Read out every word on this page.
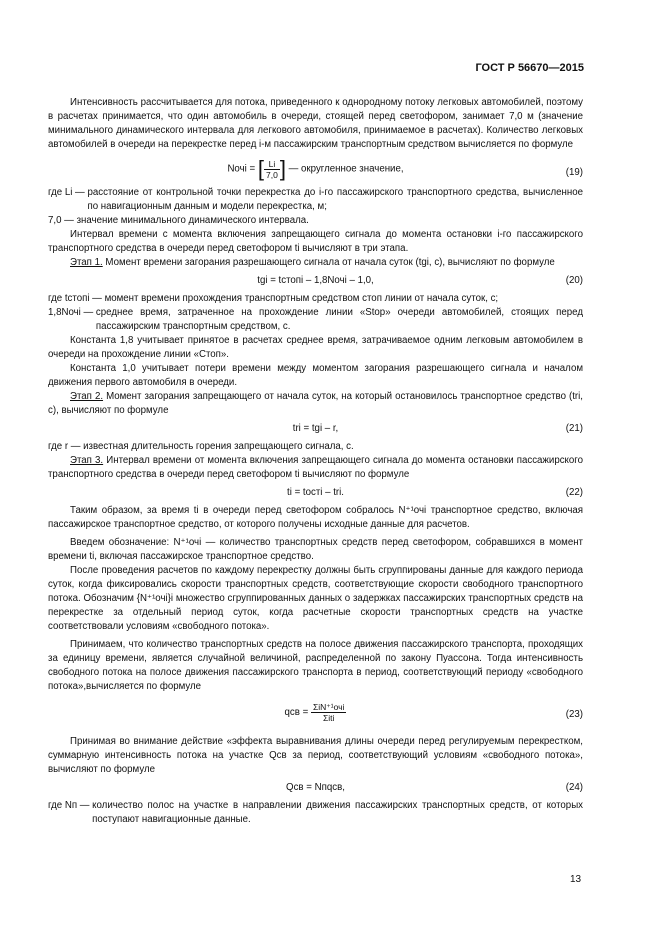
ГОСТ Р 56670—2015

Интенсивность рассчитывается для потока, приведенного к однородному потоку легковых автомобилей, поэтому в расчетах принимается, что один автомобиль в очереди, стоящей перед светофором, занимает 7,0 м (значение минимального динамического интервала для легкового автомобиля, принимаемое в расчетах). Количество легковых автомобилей в очереди на перекрестке перед i-м пассажирским транспортным средством вычисляется по формуле

Nочi = [ $\frac{Li}{7,0}$ ] — округленное значение,	(19)
где Li —
расстояние от контрольной точки перекрестка до i-го пассажирского транспортного средства, вычисленное по навигационным данным и модели перекрестка, м;
7,0 —
значение минимального динамического интервала.

Интервал времени с момента включения запрещающего сигнала до момента остановки i-го пассажирского транспортного средства в очереди перед светофором ti вычисляют в три этапа.

Этап 1. Момент времени загорания разрешающего сигнала от начала суток (tgi, с), вычисляют по формуле

tgi = tстопi – 1,8Nочi – 1,0,	(20)
где tстопi —
момент времени прохождения транспортным средством стоп линии от начала суток, с;
1,8Nочi —
среднее время, затраченное на прохождение линии «Stop» очереди автомобилей, стоящих перед пассажирским транспортным средством, с.

Константа 1,8 учитывает принятое в расчетах среднее время, затрачиваемое одним легковым автомобилем в очереди на прохождение линии «Стоп».

Константа 1,0 учитывает потери времени между моментом загорания разрешающего сигнала и началом движения первого автомобиля в очереди.

Этап 2. Момент загорания запрещающего от начала суток, на который остановилось транспортное средство (tri, с), вычисляют по формуле

tri = tgi – r,	(21)

где r — известная длительность горения запрещающего сигнала, с.

Этап 3. Интервал времени от момента включения запрещающего сигнала до момента остановки пассажирского транспортного средства в очереди перед светофором ti вычисляют по формуле

ti = tостi – tri.	(22)

Таким образом, за время ti в очереди перед светофором собралось N⁺¹очi транспортное средство, включая пассажирское транспортное средство, от которого получены исходные данные для расчетов.

Введем обозначение: N⁺¹очi — количество транспортных средств перед светофором, собравшихся в момент времени ti, включая пассажирское транспортное средство.

После проведения расчетов по каждому перекрестку должны быть сгруппированы данные для каждого периода суток, когда фиксировались скорости транспортных средств, соответствующие скорости свободного транспортного потока. Обозначим {N⁺¹очi}i множество сгруппированных данных о задержках пассажирских транспортных средств на перекрестке за отдельный период суток, когда расчетные скорости транспортных средств на участке соответствовали условиям «свободного потока».

Принимаем, что количество транспортных средств на полосе движения пассажирского транспорта, проходящих за единицу времени, является случайной величиной, распределенной по закону Пуассона. Тогда интенсивность свободного потока на полосе движения пассажирского транспорта в период, соответствующий периоду «свободного потока»,вычисляется по формуле

qсв = $\frac{\text{ΣiN⁺¹очi}}{\text{Σiti}}$	(23)

Принимая во внимание действие «эффекта выравнивания длины очереди перед регулируемым перекрестком, суммарную интенсивность потока на участке Qсв за период, соответствующий условиям «свободного потока», вычисляют по формуле

Qсв = Nпqсв,	(24)
где Nп —
количество полос на участке в направлении движения пассажирских транспортных средств, от которых поступают навигационные данные.
13
